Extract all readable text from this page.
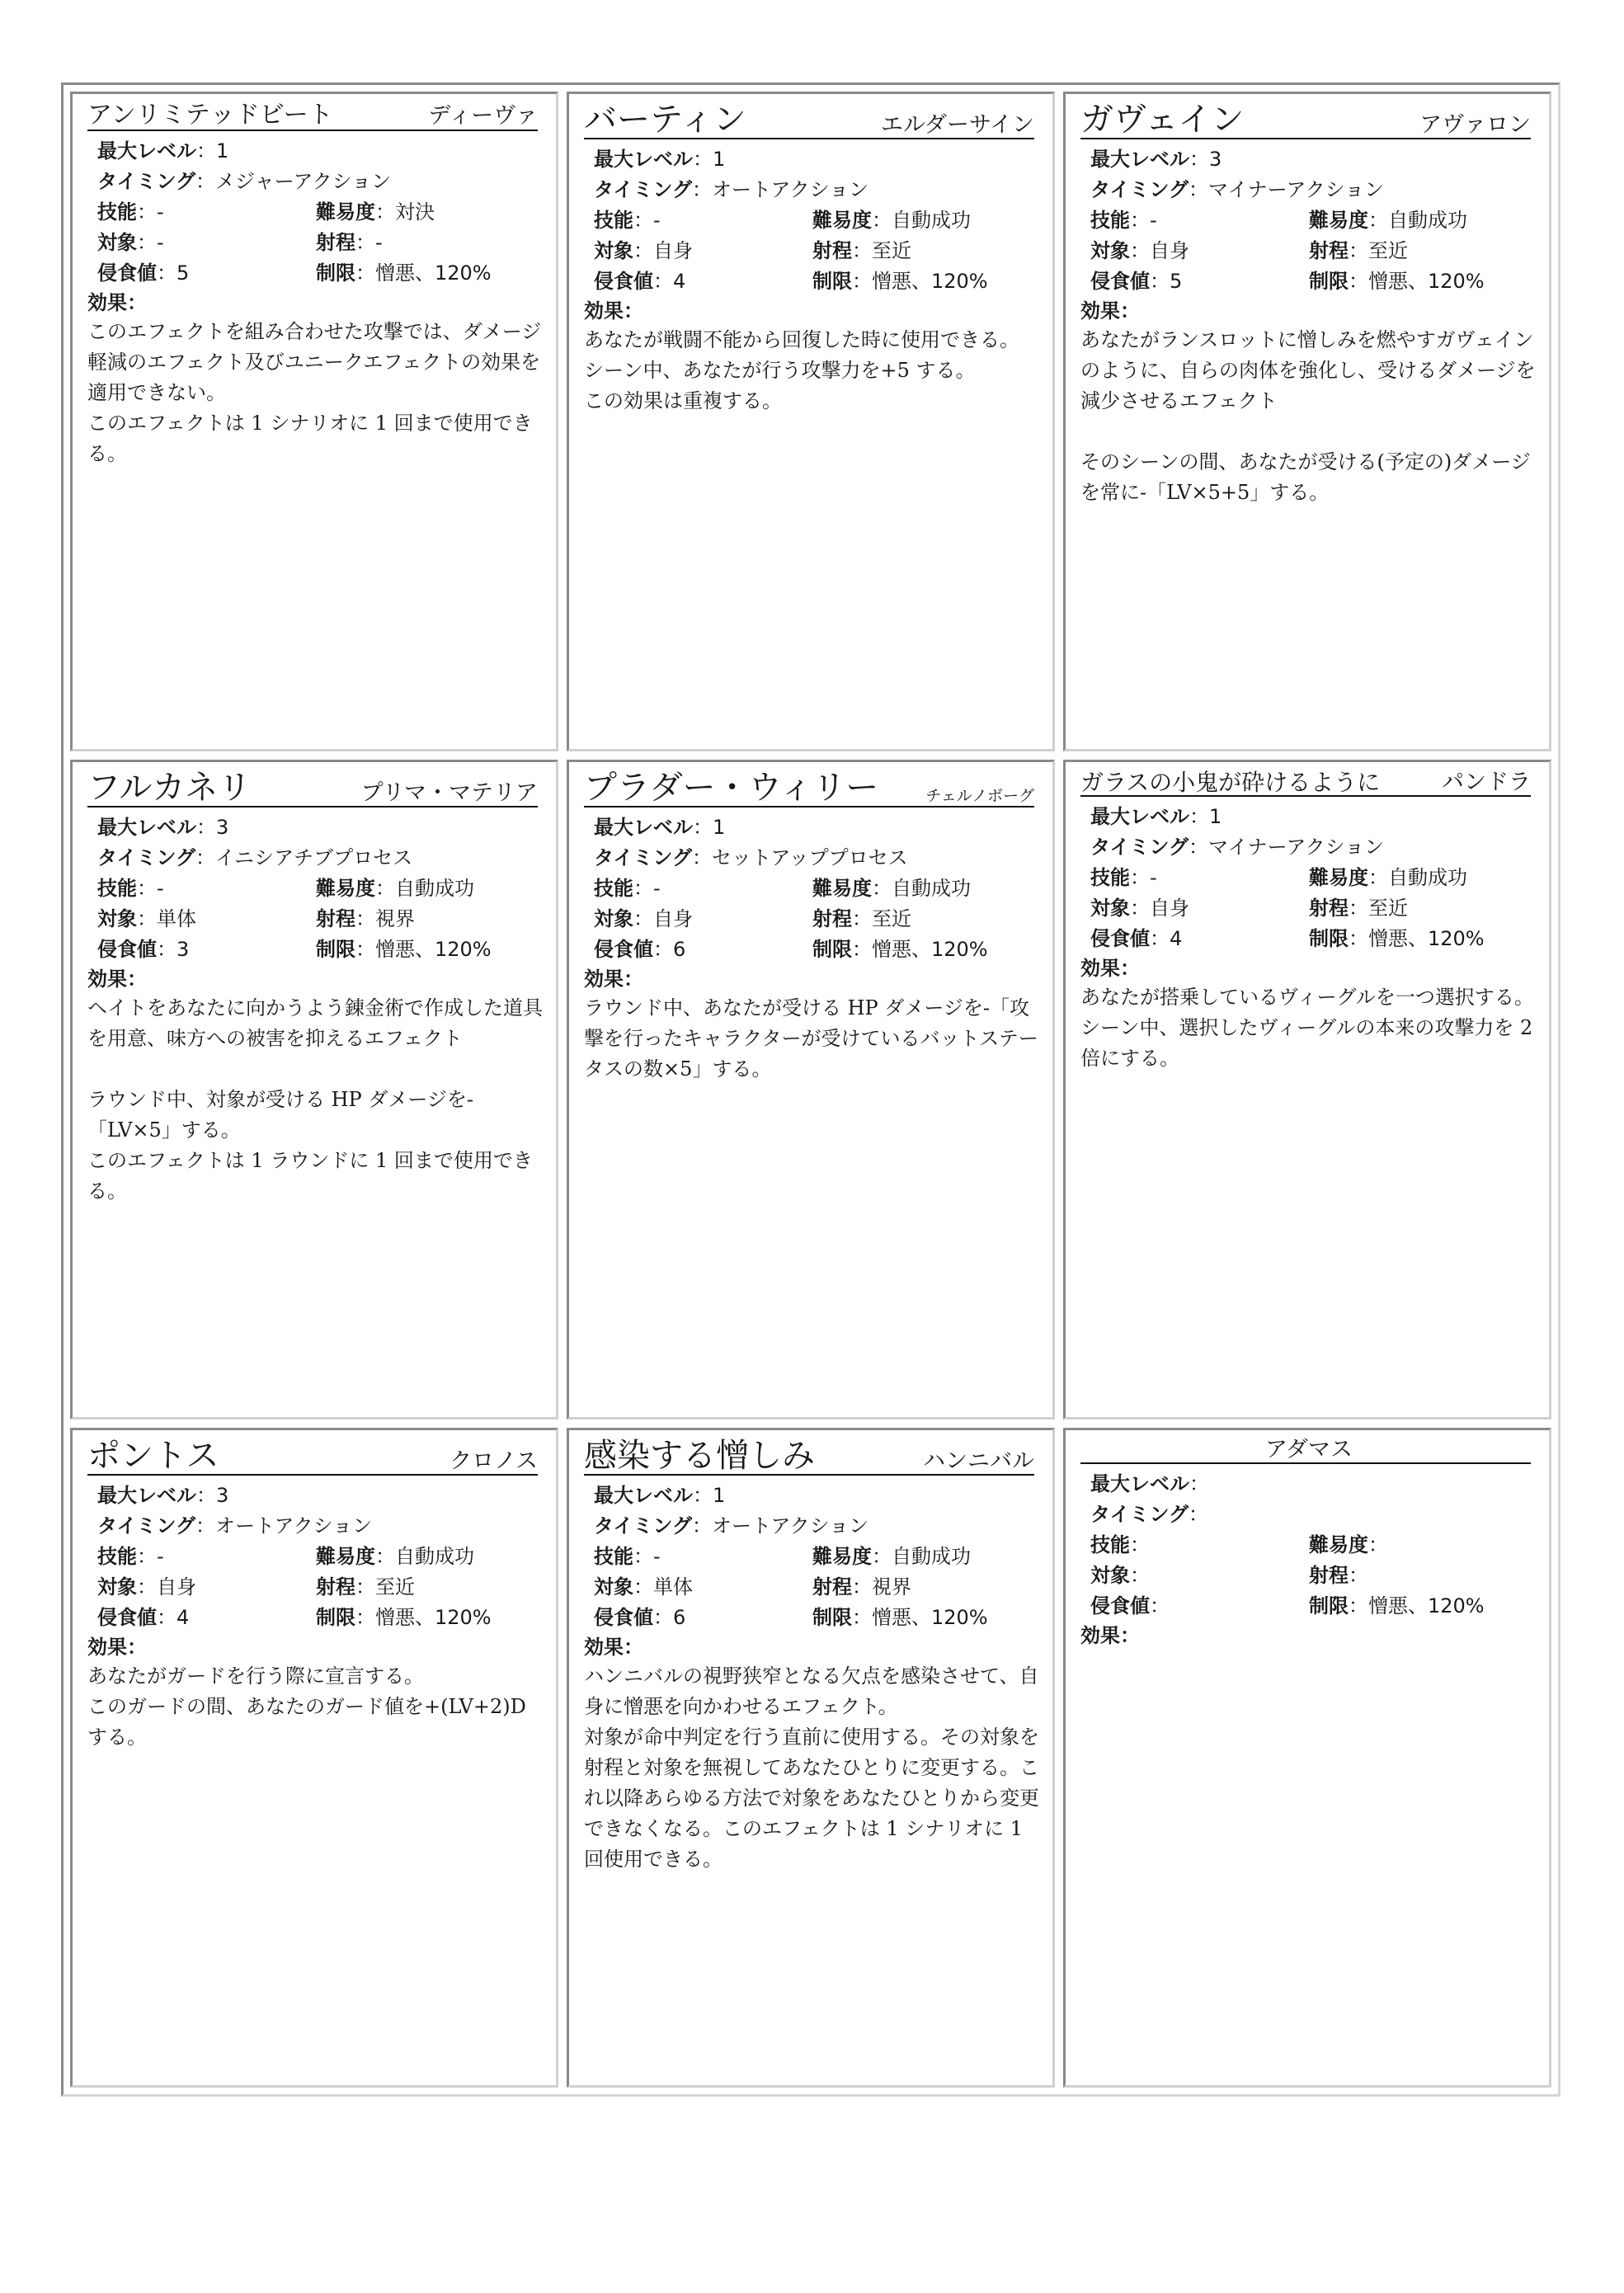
アンリミテッドビート	ディーヴァ
最大レベル：1
タイミング：メジャーアクション
技能：-	難易度：対決
対象：-	射程：-
侵食値：5	制限：憎悪、120%
効果：

このエフェクトを組み合わせた攻撃では、ダメージ軽減のエフェクト及びユニークエフェクトの効果を適用できない。

このエフェクトは 1 シナリオに 1 回まで使用できる。

バーティン	エルダーサイン
最大レベル：1
タイミング：オートアクション
技能：-	難易度：自動成功
対象：自身	射程：至近
侵食値：4	制限：憎悪、120%
効果：

あなたが戦闘不能から回復した時に使用できる。

シーン中、あなたが行う攻撃力を+5 する。

この効果は重複する。

ガヴェイン	アヴァロン
最大レベル：3
タイミング：マイナーアクション
技能：-	難易度：自動成功
対象：自身	射程：至近
侵食値：5	制限：憎悪、120%
効果：

あなたがランスロットに憎しみを燃やすガヴェインのように、自らの肉体を強化し、受けるダメージを減少させるエフェクト

そのシーンの間、あなたが受ける(予定の)ダメージを常に-「LV×5+5」する。

フルカネリ	プリマ・マテリア
最大レベル：3
タイミング：イニシアチブプロセス
技能：-	難易度：自動成功
対象：単体	射程：視界
侵食値：3	制限：憎悪、120%
効果：

ヘイトをあなたに向かうよう錬金術で作成した道具を用意、味方への被害を抑えるエフェクト

ラウンド中、対象が受ける HP ダメージを-「LV×5」する。

このエフェクトは 1 ラウンドに 1 回まで使用できる。

プラダー・ウィリー	チェルノボーグ
最大レベル：1
タイミング：セットアッププロセス
技能：-	難易度：自動成功
対象：自身	射程：至近
侵食値：6	制限：憎悪、120%
効果：

ラウンド中、あなたが受ける HP ダメージを-「攻撃を行ったキャラクターが受けているバットステータスの数×5」する。

ガラスの小鬼が砕けるように	パンドラ
最大レベル：1
タイミング：マイナーアクション
技能：-	難易度：自動成功
対象：自身	射程：至近
侵食値：4	制限：憎悪、120%
効果：

あなたが搭乗しているヴィーグルを一つ選択する。

シーン中、選択したヴィーグルの本来の攻撃力を 2 倍にする。

ポントス	クロノス
最大レベル：3
タイミング：オートアクション
技能：-	難易度：自動成功
対象：自身	射程：至近
侵食値：4	制限：憎悪、120%
効果：

あなたがガードを行う際に宣言する。

このガードの間、あなたのガード値を+(LV+2)D する。

感染する憎しみ	ハンニバル
最大レベル：1
タイミング：オートアクション
技能：-	難易度：自動成功
対象：単体	射程：視界
侵食値：6	制限：憎悪、120%
効果：

ハンニバルの視野狭窄となる欠点を感染させて、自身に憎悪を向かわせるエフェクト。

対象が命中判定を行う直前に使用する。その対象を射程と対象を無視してあなたひとりに変更する。これ以降あらゆる方法で対象をあなたひとりから変更できなくなる。このエフェクトは 1 シナリオに 1 回使用できる。

アダマス
最大レベル：
タイミング：
技能：	難易度：
対象：	射程：
侵食値：	制限：憎悪、120%
効果：
